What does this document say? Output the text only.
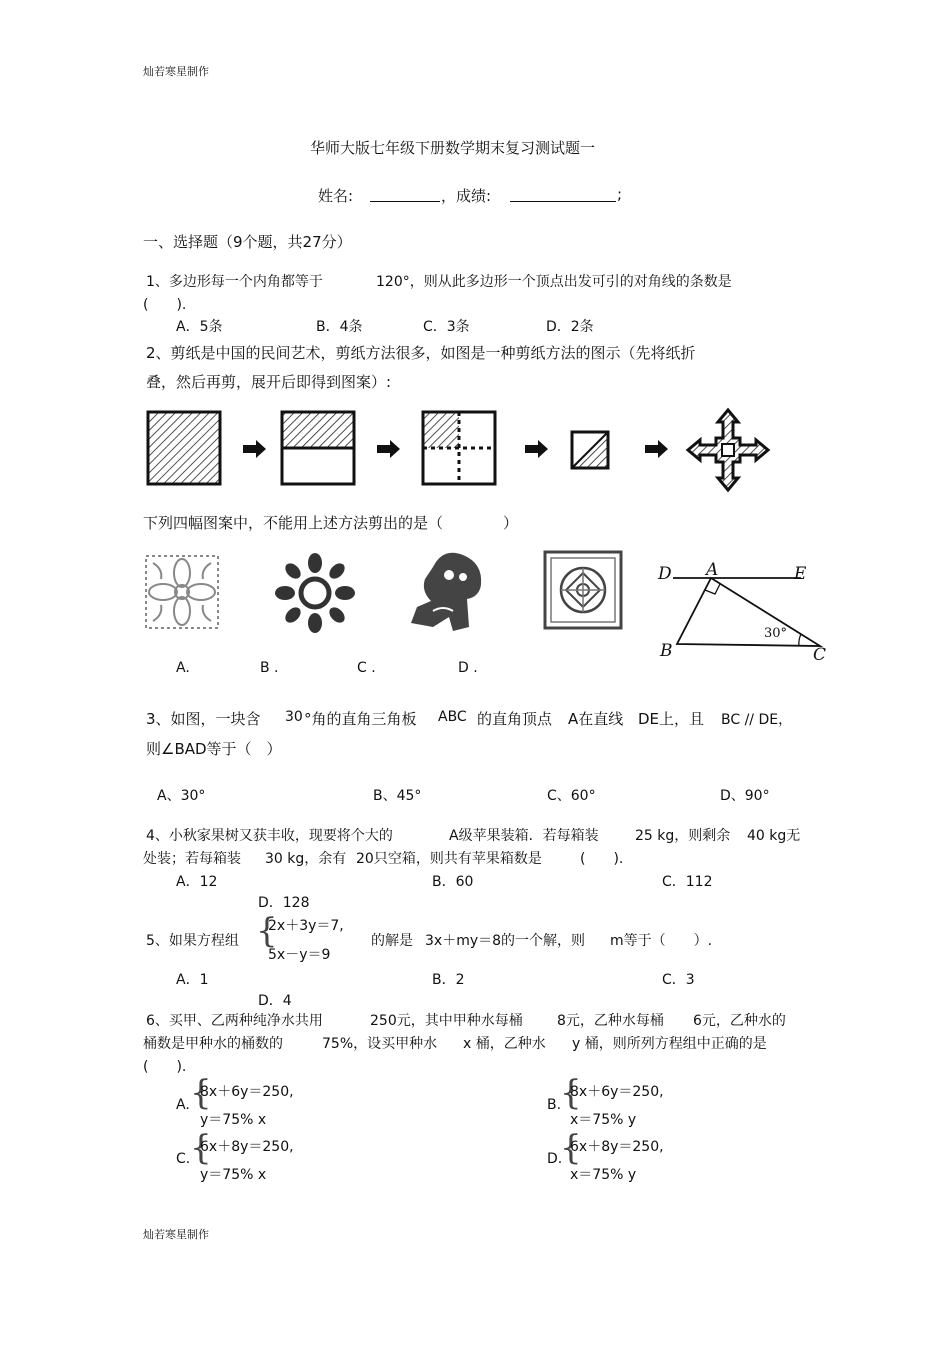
灿若寒星制作
灿若寒星制作
华师大版七年级下册数学期末复习测试题一
姓名:	，成绩:	;
一、选择题（9个题，共27分）
1、多边形每一个内角都等于	120°，则从此多边形一个顶点出发可引的对角线的条数是
(　　).
A．5条	B．4条	C．3条	D．2条
2、剪纸是中国的民间艺术，剪纸方法很多，如图是一种剪纸方法的图示（先将纸折
叠，然后再剪，展开后即得到图案）:
下列四幅图案中，不能用上述方法剪出的是（　　　　）
A.	B .	C .	D .
D A	E
B	C
30°
3、如图，一块含 30 °角的直角三角板 ABC 的直角顶点 A在直线 DE上，且 BC // DE，
则∠BAD等于（　）
A、30°	B、45°	C、60°	D、90°
4、小秋家果树又获丰收，现要将个大的	A级苹果装箱．若每箱装	25 kg，则剩余 40 kg无
处装；若每箱装 30 kg，余有 20只空箱，则共有苹果箱数是	(　　).
A．12	B．60	C．112
D．128
5、如果方程组 {
2x＋3y＝7,
5x－y＝9
的解是 3x＋my＝8的一个解，则 m等于（　　）.
A．1	B．2	C．3
D．4
6、买甲、乙两种纯净水共用	250元，其中甲种水每桶 8元，乙种水每桶 6元，乙种水的
桶数是甲种水的桶数的	75%，设买甲种水 x 桶，乙种水 y 桶，则所列方程组中正确的是
(　　).
A. {
8x＋6y＝250,
y＝75% x
B.
{
8x＋6y＝250,
x＝75% y
C. {
6x＋8y＝250,
y＝75% x
D.
{
6x＋8y＝250,
x＝75% y
